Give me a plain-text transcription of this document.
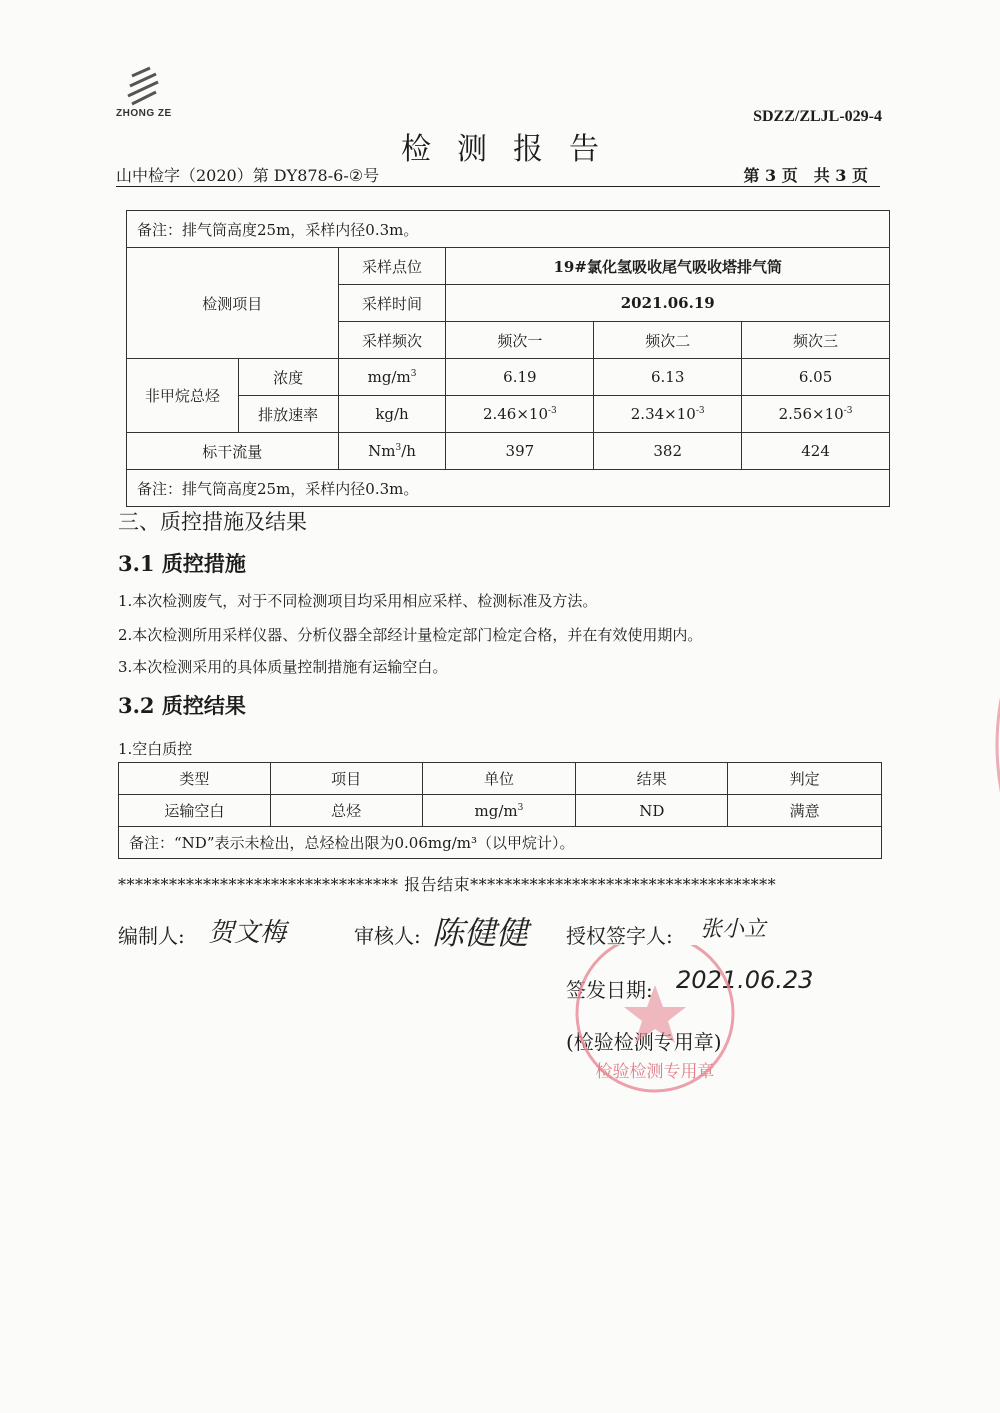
ZHONG ZE	SDZZ/ZLJL-029-4
检测报告
山中检字（2020）第 DY878-6-②号	第 3 页　共 3 页
备注：排气筒高度25m，采样内径0.3m。					
检测项目		采样点位	19#氯化氢吸收尾气吸收塔排气筒		
		采样时间	2021.06.19		
		采样频次	频次一	频次二	频次三
非甲烷总烃	浓度	$mg/m^3$	6.19	6.13	6.05
	排放速率	kg/h	$2.46\times 10^{-3}$	$2.34\times 10^{-3}$	$2.56\times 10^{-3}$
标干流量		Nm$^3$/h	397	382	424
备注：排气筒高度25m，采样内径0.3m。					
三、质控措施及结果
3.1 质控措施
1.本次检测废气，对于不同检测项目均采用相应采样、检测标准及方法。
2.本次检测所用采样仪器、分析仪器全部经计量检定部门检定合格，并在有效使用期内。
3.本次检测采用的具体质量控制措施有运输空白。
3.2 质控结果
1.空白质控
类型	项目	单位	结果	判定
运输空白	总烃	$mg/m^3$	ND	满意
备注：“ND”表示未检出，总烃检出限为0.06mg/m³（以甲烷计）。				
********************************* 报告结束************************************
编制人: 贺文梅	审核人: 陈健健 授权签字人: 张小立
签发日期: 2021.06.23
(检验检测专用章)
检验检测专用章
